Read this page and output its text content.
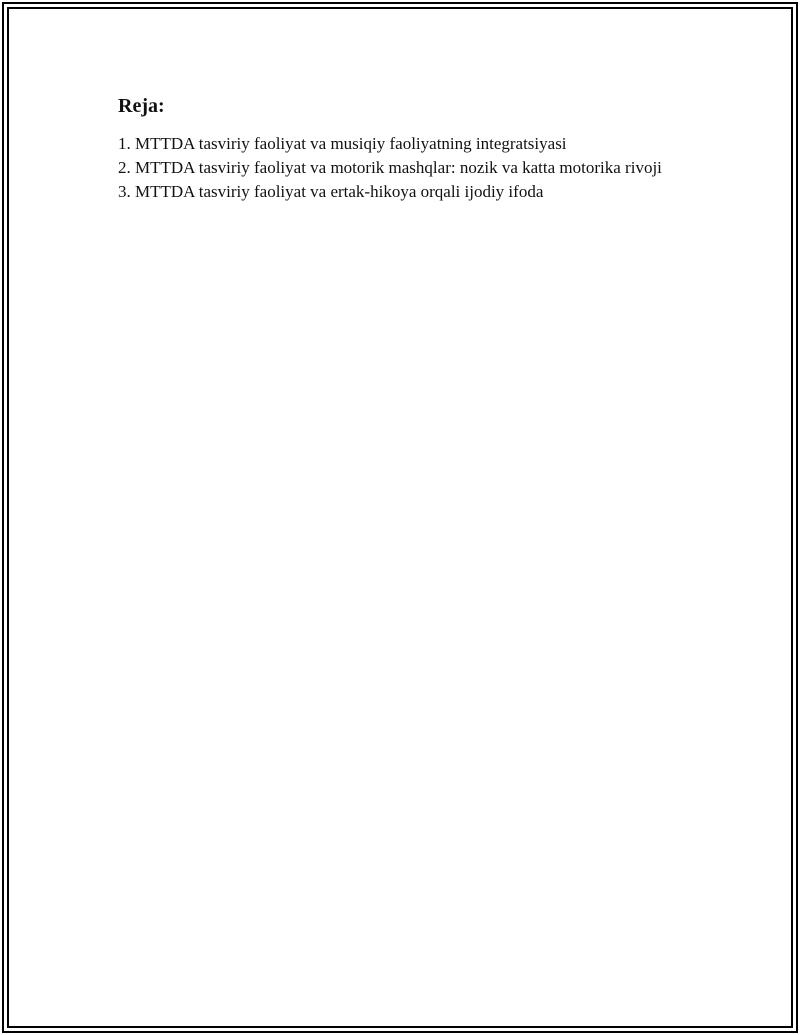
Reja:
1. MTTDA tasviriy faoliyat va musiqiy faoliyatning integratsiyasi
2. MTTDA tasviriy faoliyat va motorik mashqlar: nozik va katta motorika rivoji
3. MTTDA tasviriy faoliyat va ertak-hikoya orqali ijodiy ifoda
